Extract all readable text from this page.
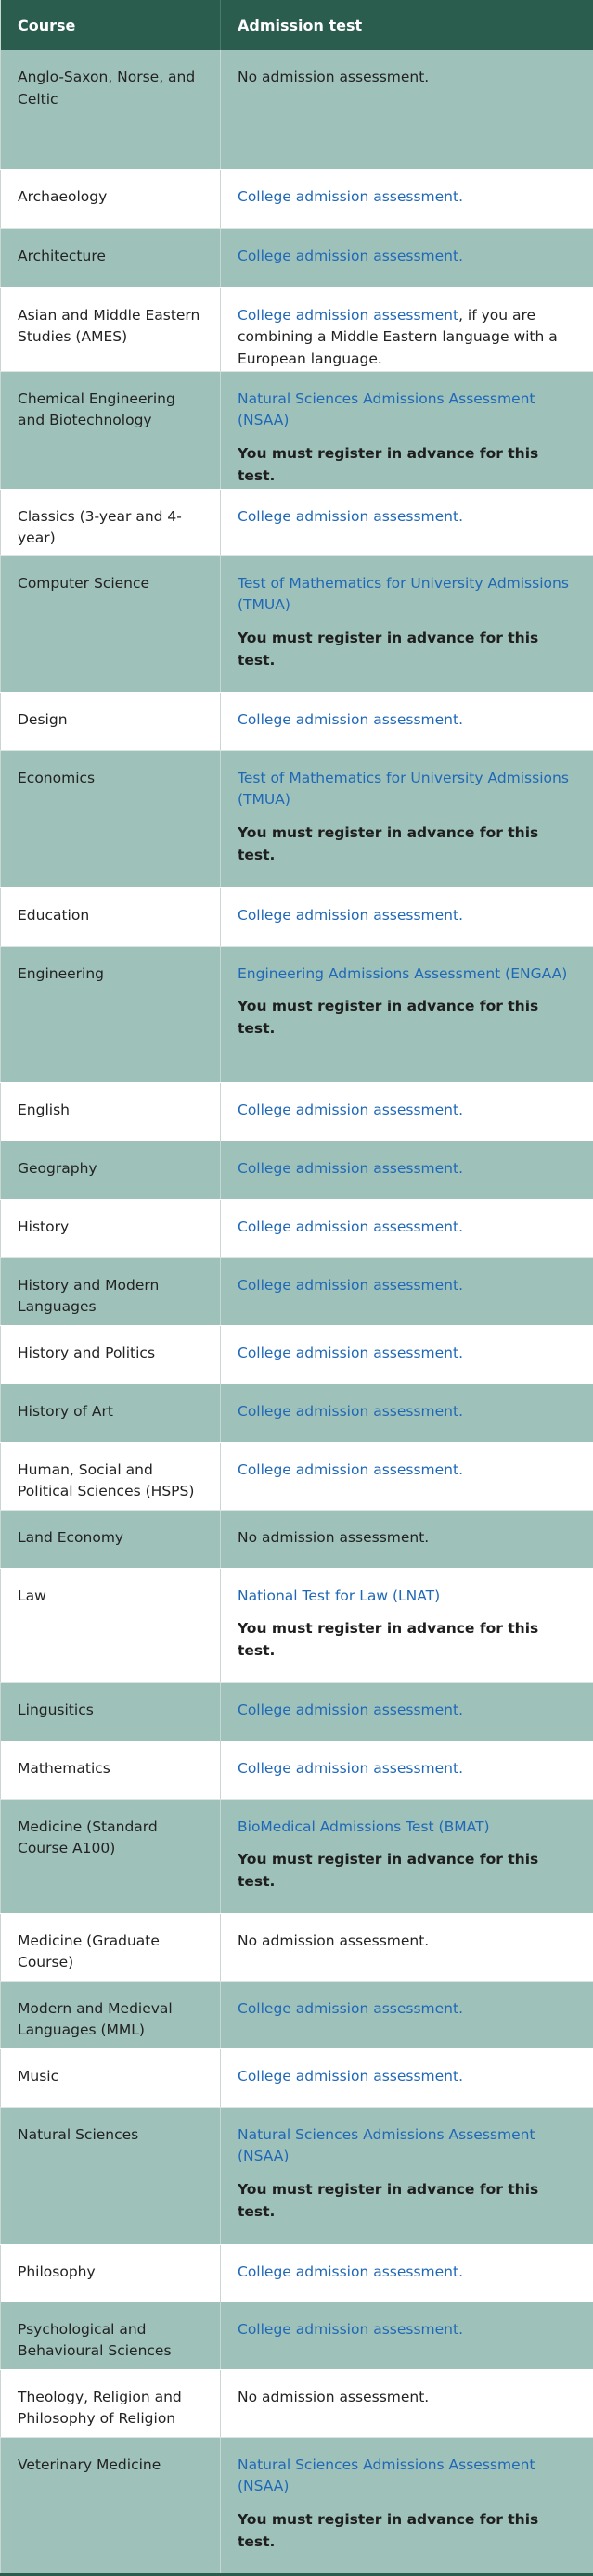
Course	Admission test
Anglo-Saxon, Norse, and Celtic	No admission assessment.
Archaeology	College admission assessment.
Architecture	College admission assessment.
Asian and Middle Eastern Studies (AMES)	College admission assessment, if you are combining a Middle Eastern language with a European language.
Chemical Engineering and Biotechnology	Natural Sciences Admissions Assessment (NSAA)
You must register in advance for this test.

Classics (3-year and 4-year)	College admission assessment.
Computer Science	Test of Mathematics for University Admissions (TMUA)
You must register in advance for this test.

Design	College admission assessment.
Economics	Test of Mathematics for University Admissions (TMUA)
You must register in advance for this test.

Education	College admission assessment.
Engineering	Engineering Admissions Assessment (ENGAA)
You must register in advance for this test.

English	College admission assessment.
Geography	College admission assessment.
History	College admission assessment.
History and Modern Languages	College admission assessment.
History and Politics	College admission assessment.
History of Art	College admission assessment.
Human, Social and Political Sciences (HSPS)	College admission assessment.
Land Economy	No admission assessment.
Law	National Test for Law (LNAT)
You must register in advance for this test.

Lingusitics	College admission assessment.
Mathematics	College admission assessment.
Medicine (Standard Course A100)	BioMedical Admissions Test (BMAT)
You must register in advance for this test.

Medicine (Graduate Course)	No admission assessment.
Modern and Medieval Languages (MML)	College admission assessment.
Music	College admission assessment.
Natural Sciences	Natural Sciences Admissions Assessment (NSAA)
You must register in advance for this test.

Philosophy	College admission assessment.
Psychological and Behavioural Sciences	College admission assessment.
Theology, Religion and Philosophy of Religion	No admission assessment.
Veterinary Medicine	Natural Sciences Admissions Assessment (NSAA)
You must register in advance for this test.
